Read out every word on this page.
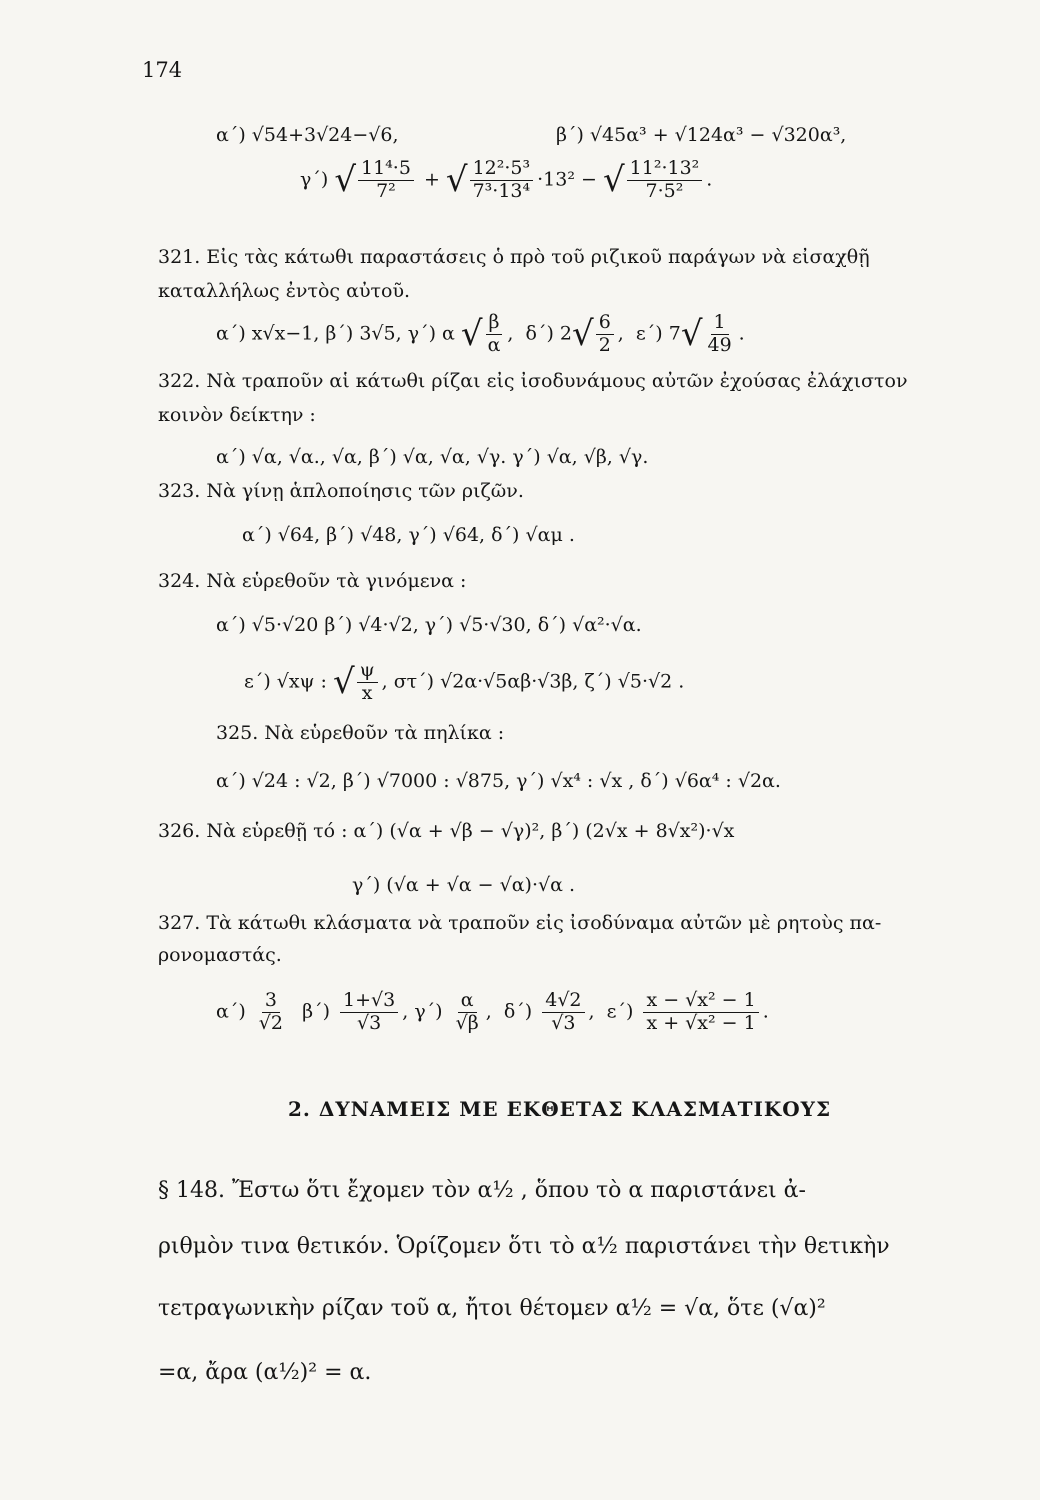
174
α΄) √54+3√24−√6,	β΄) √45α³ + √124α³ − √320α³,
γ΄) √ $\frac{\text{11⁴·5}}{\text{7²}}$ + √ $\frac{\text{12²·5³}}{\text{7³·13⁴}} \cdot 13^2$ − √ $\frac{\text{11²·13²}}{\text{7·5²}}$ .
321. Εἰς τὰς κάτωθι παραστάσεις ὁ πρὸ τοῦ ριζικοῦ παράγων νὰ εἰσαχθῇ
καταλλήλως ἐντὸς αὐτοῦ.
α΄) x√x−1, β΄) 3√5, γ΄) α √ $\frac{\beta}{\alpha}$ ,  δ΄) $2√ \frac{6}{2}$ ,  ε΄) $7√ \frac{1}{49}$ .
322. Νὰ τραποῦν αἱ κάτωθι ρίζαι εἰς ἰσοδυνάμους αὐτῶν ἐχούσας ἐλάχιστον
κοινὸν δείκτην :
α΄) √α, √α., √α, β΄) √α, √α, √γ. γ΄) √α, √β, √γ.
323. Νὰ γίνῃ ἁπλοποίησις τῶν ριζῶν.
α΄) √64, β΄) √48, γ΄) √64, δ΄) √αμ .
324. Νὰ εὑρεθοῦν τὰ γινόμενα :
α΄) √5·√20 β΄) √4·√2, γ΄) √5·√30, δ΄) √α²·√α.
ε΄) √xψ : √ $\frac{\psi}{x}$ , στ΄) √2α·√5αβ·√3β, ζ΄) √5·√2 .
325. Νὰ εὑρεθοῦν τὰ πηλίκα :
α΄) √24 : √2, β΄) √7000 : √875, γ΄) √x⁴ : √x , δ΄) √6α⁴ : √2α.
326. Νὰ εὑρεθῇ τό : α΄) (√α + √β − √γ)², β΄) (2√x + 8√x²)·√x
γ΄) (√α + √α − √α)·√α .
327. Τὰ κάτωθι κλάσματα νὰ τραποῦν εἰς ἰσοδύναμα αὐτῶν μὲ ρητοὺς πα-
ρονομαστάς.
$\alpha΄) \frac{3}{√2} \beta΄) \frac{1+√3}{√3}$ , $\gamma΄) \frac{\alpha}{√\beta}$ ,  $\delta΄) \frac{4√2}{√3}$ ,  $\varepsilon΄) \frac{\text{x − √x² − 1}}{\text{x + √x² − 1}}$ .
2. ΔΥΝΑΜΕΙΣ ΜΕ ΕΚΘΕΤΑΣ ΚΛΑΣΜΑΤΙΚΟΥΣ
§ 148. Ἔστω ὅτι ἔχομεν τὸν α½ , ὅπου τὸ α παριστάνει ἀ-
ριθμὸν τινα θετικόν. Ὁρίζομεν ὅτι τὸ α½ παριστάνει τὴν θετικὴν
τετραγωνικὴν ρίζαν τοῦ α, ἤτοι θέτομεν α½ = √α, ὅτε (√α)²
=α, ἄρα (α½)² = α.
